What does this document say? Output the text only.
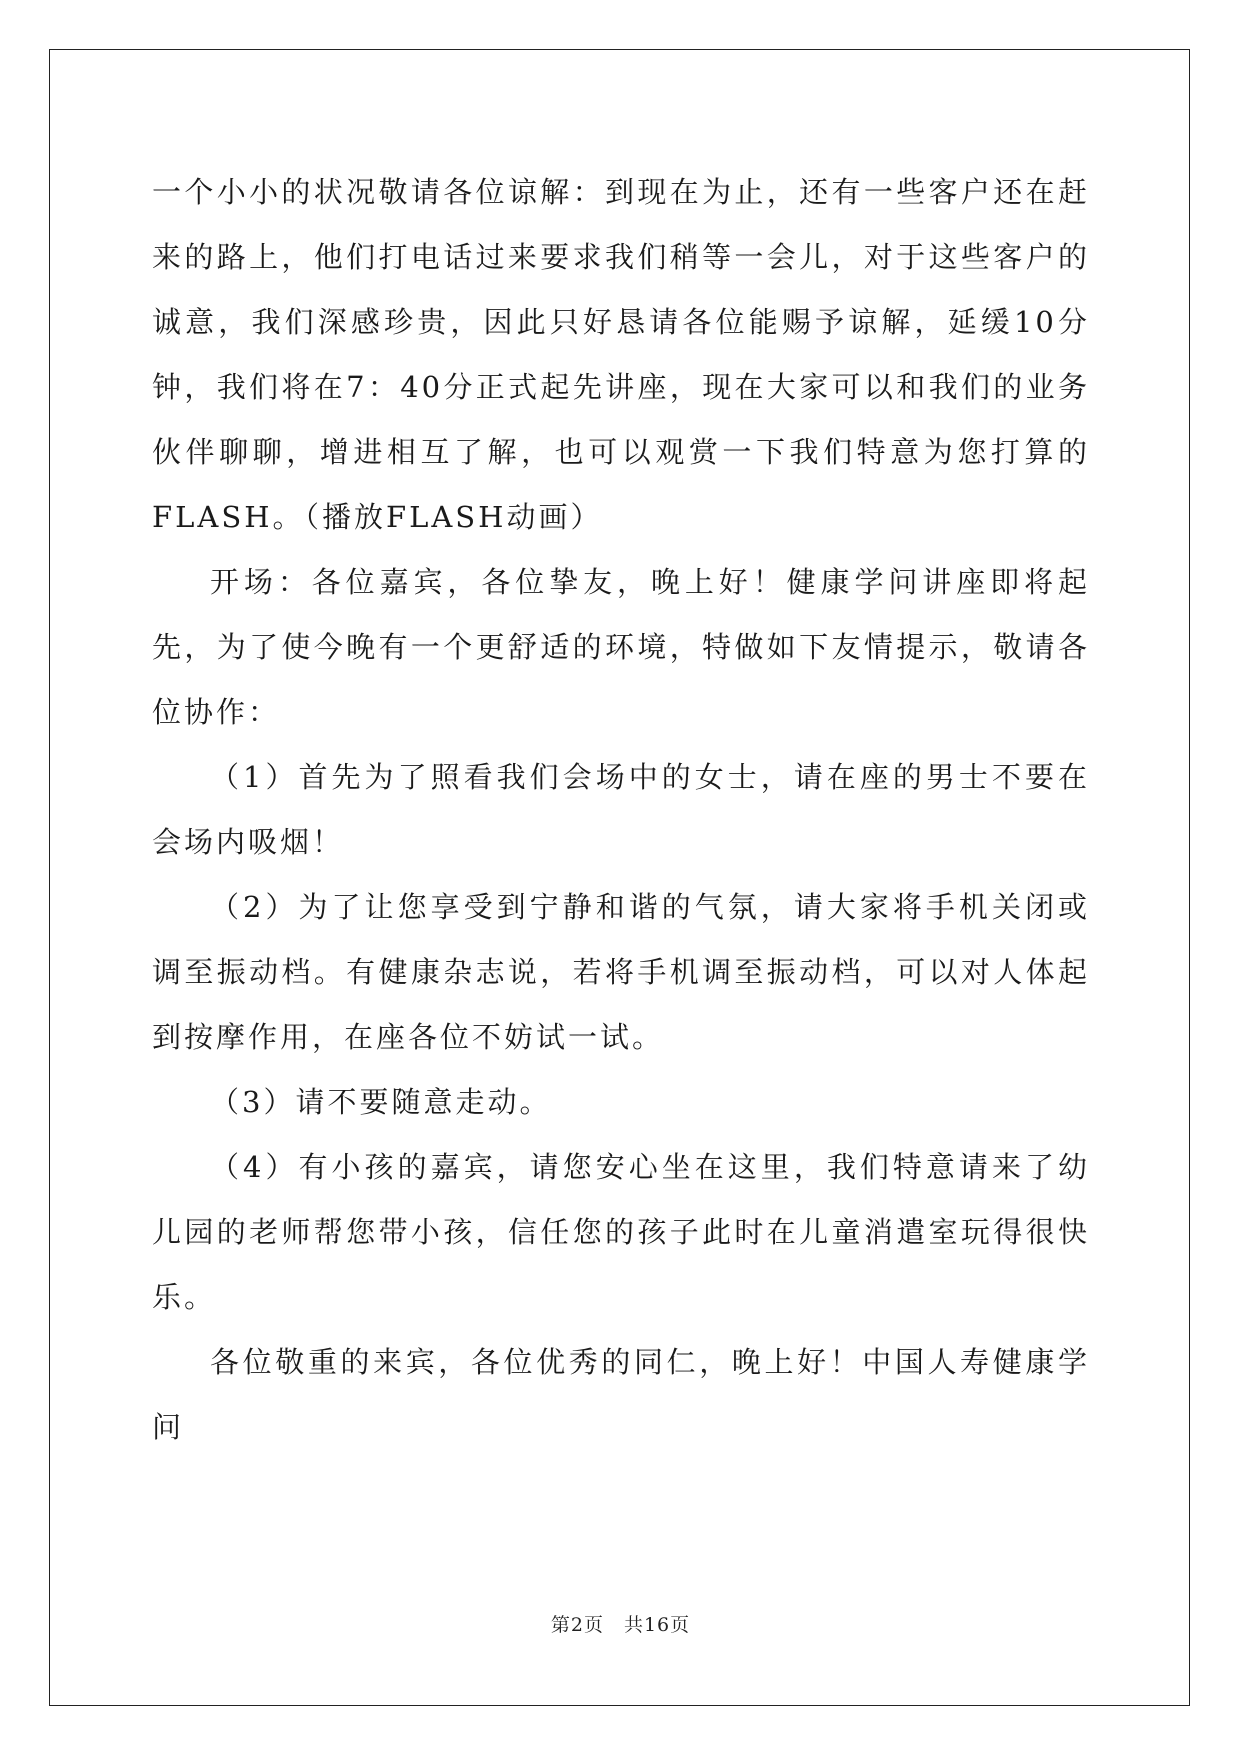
一个小小的状况敬请各位谅解：到现在为止，还有一些客户还在赶来的路上，他们打电话过来要求我们稍等一会儿，对于这些客户的诚意，我们深感珍贵，因此只好恳请各位能赐予谅解，延缓10分钟，我们将在7：40分正式起先讲座，现在大家可以和我们的业务伙伴聊聊，增进相互了解，也可以观赏一下我们特意为您打算的FLASH。（播放FLASH动画）

开场：各位嘉宾，各位挚友，晚上好！健康学问讲座即将起先，为了使今晚有一个更舒适的环境，特做如下友情提示，敬请各位协作：

（1）首先为了照看我们会场中的女士，请在座的男士不要在会场内吸烟！

（2）为了让您享受到宁静和谐的气氛，请大家将手机关闭或调至振动档。有健康杂志说，若将手机调至振动档，可以对人体起到按摩作用，在座各位不妨试一试。

（3）请不要随意走动。

（4）有小孩的嘉宾，请您安心坐在这里，我们特意请来了幼儿园的老师帮您带小孩，信任您的孩子此时在儿童消遣室玩得很快乐。

各位敬重的来宾，各位优秀的同仁，晚上好！中国人寿健康学问

第2页 共16页
